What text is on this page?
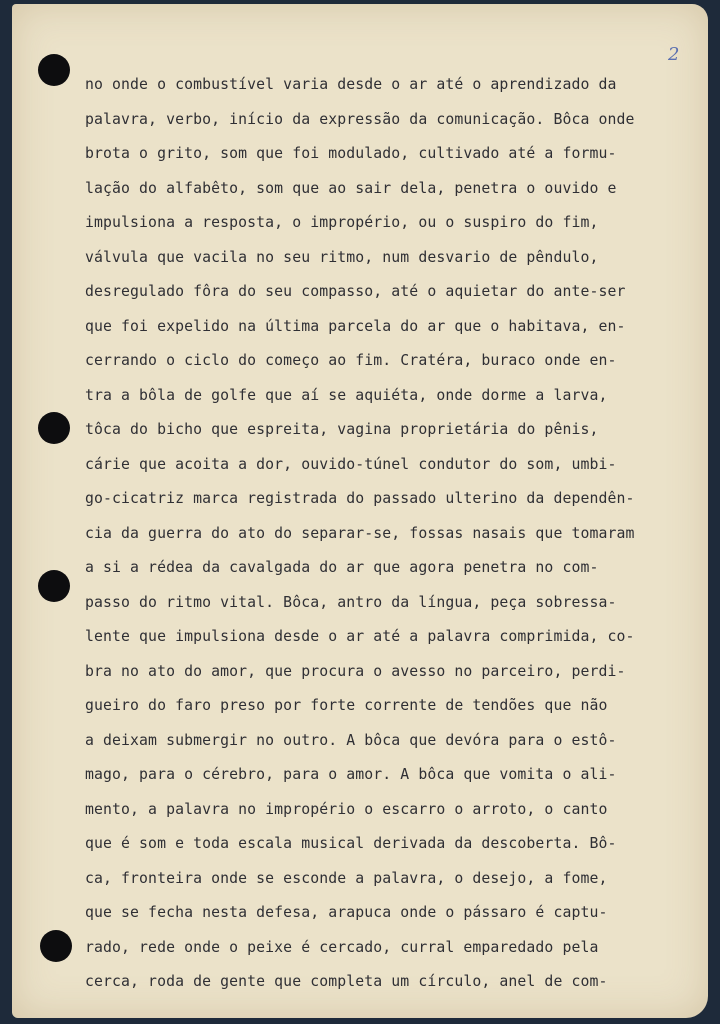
2
no onde o combustível varia desde o ar até o aprendizado da
palavra, verbo, início da expressão da comunicação. Bôca onde
brota o grito, som que foi modulado, cultivado até a formu-
lação do alfabêto, som que ao sair dela, penetra o ouvido e
impulsiona a resposta, o impropério, ou o suspiro do fim,
válvula que vacila no seu ritmo, num desvario de pêndulo,
desregulado fôra do seu compasso, até o aquietar do ante-ser
que foi expelido na última parcela do ar que o habitava, en-
cerrando o ciclo do começo ao fim. Cratéra, buraco onde en-
tra a bôla de golfe que aí se aquiéta, onde dorme a larva,
tôca do bicho que espreita, vagina proprietária do pênis,
cárie que acoita a dor, ouvido-túnel condutor do som, umbi-
go-cicatriz marca registrada do passado ulterino da dependên-
cia da guerra do ato do separar-se, fossas nasais que tomaram
a si a rédea da cavalgada do ar que agora penetra no com-
passo do ritmo vital. Bôca, antro da língua, peça sobressa-
lente que impulsiona desde o ar até a palavra comprimida, co-
bra no ato do amor, que procura o avesso no parceiro, perdi-
gueiro do faro preso por forte corrente de tendões que não
a deixam submergir no outro. A bôca que devóra para o estô-
mago, para o cérebro, para o amor. A bôca que vomita o ali-
mento, a palavra no impropério o escarro o arroto, o canto
que é som e toda escala musical derivada da descoberta. Bô-
ca, fronteira onde se esconde a palavra, o desejo, a fome,
que se fecha nesta defesa, arapuca onde o pássaro é captu-
rado, rede onde o peixe é cercado, curral emparedado pela
cerca, roda de gente que completa um círculo, anel de com-
